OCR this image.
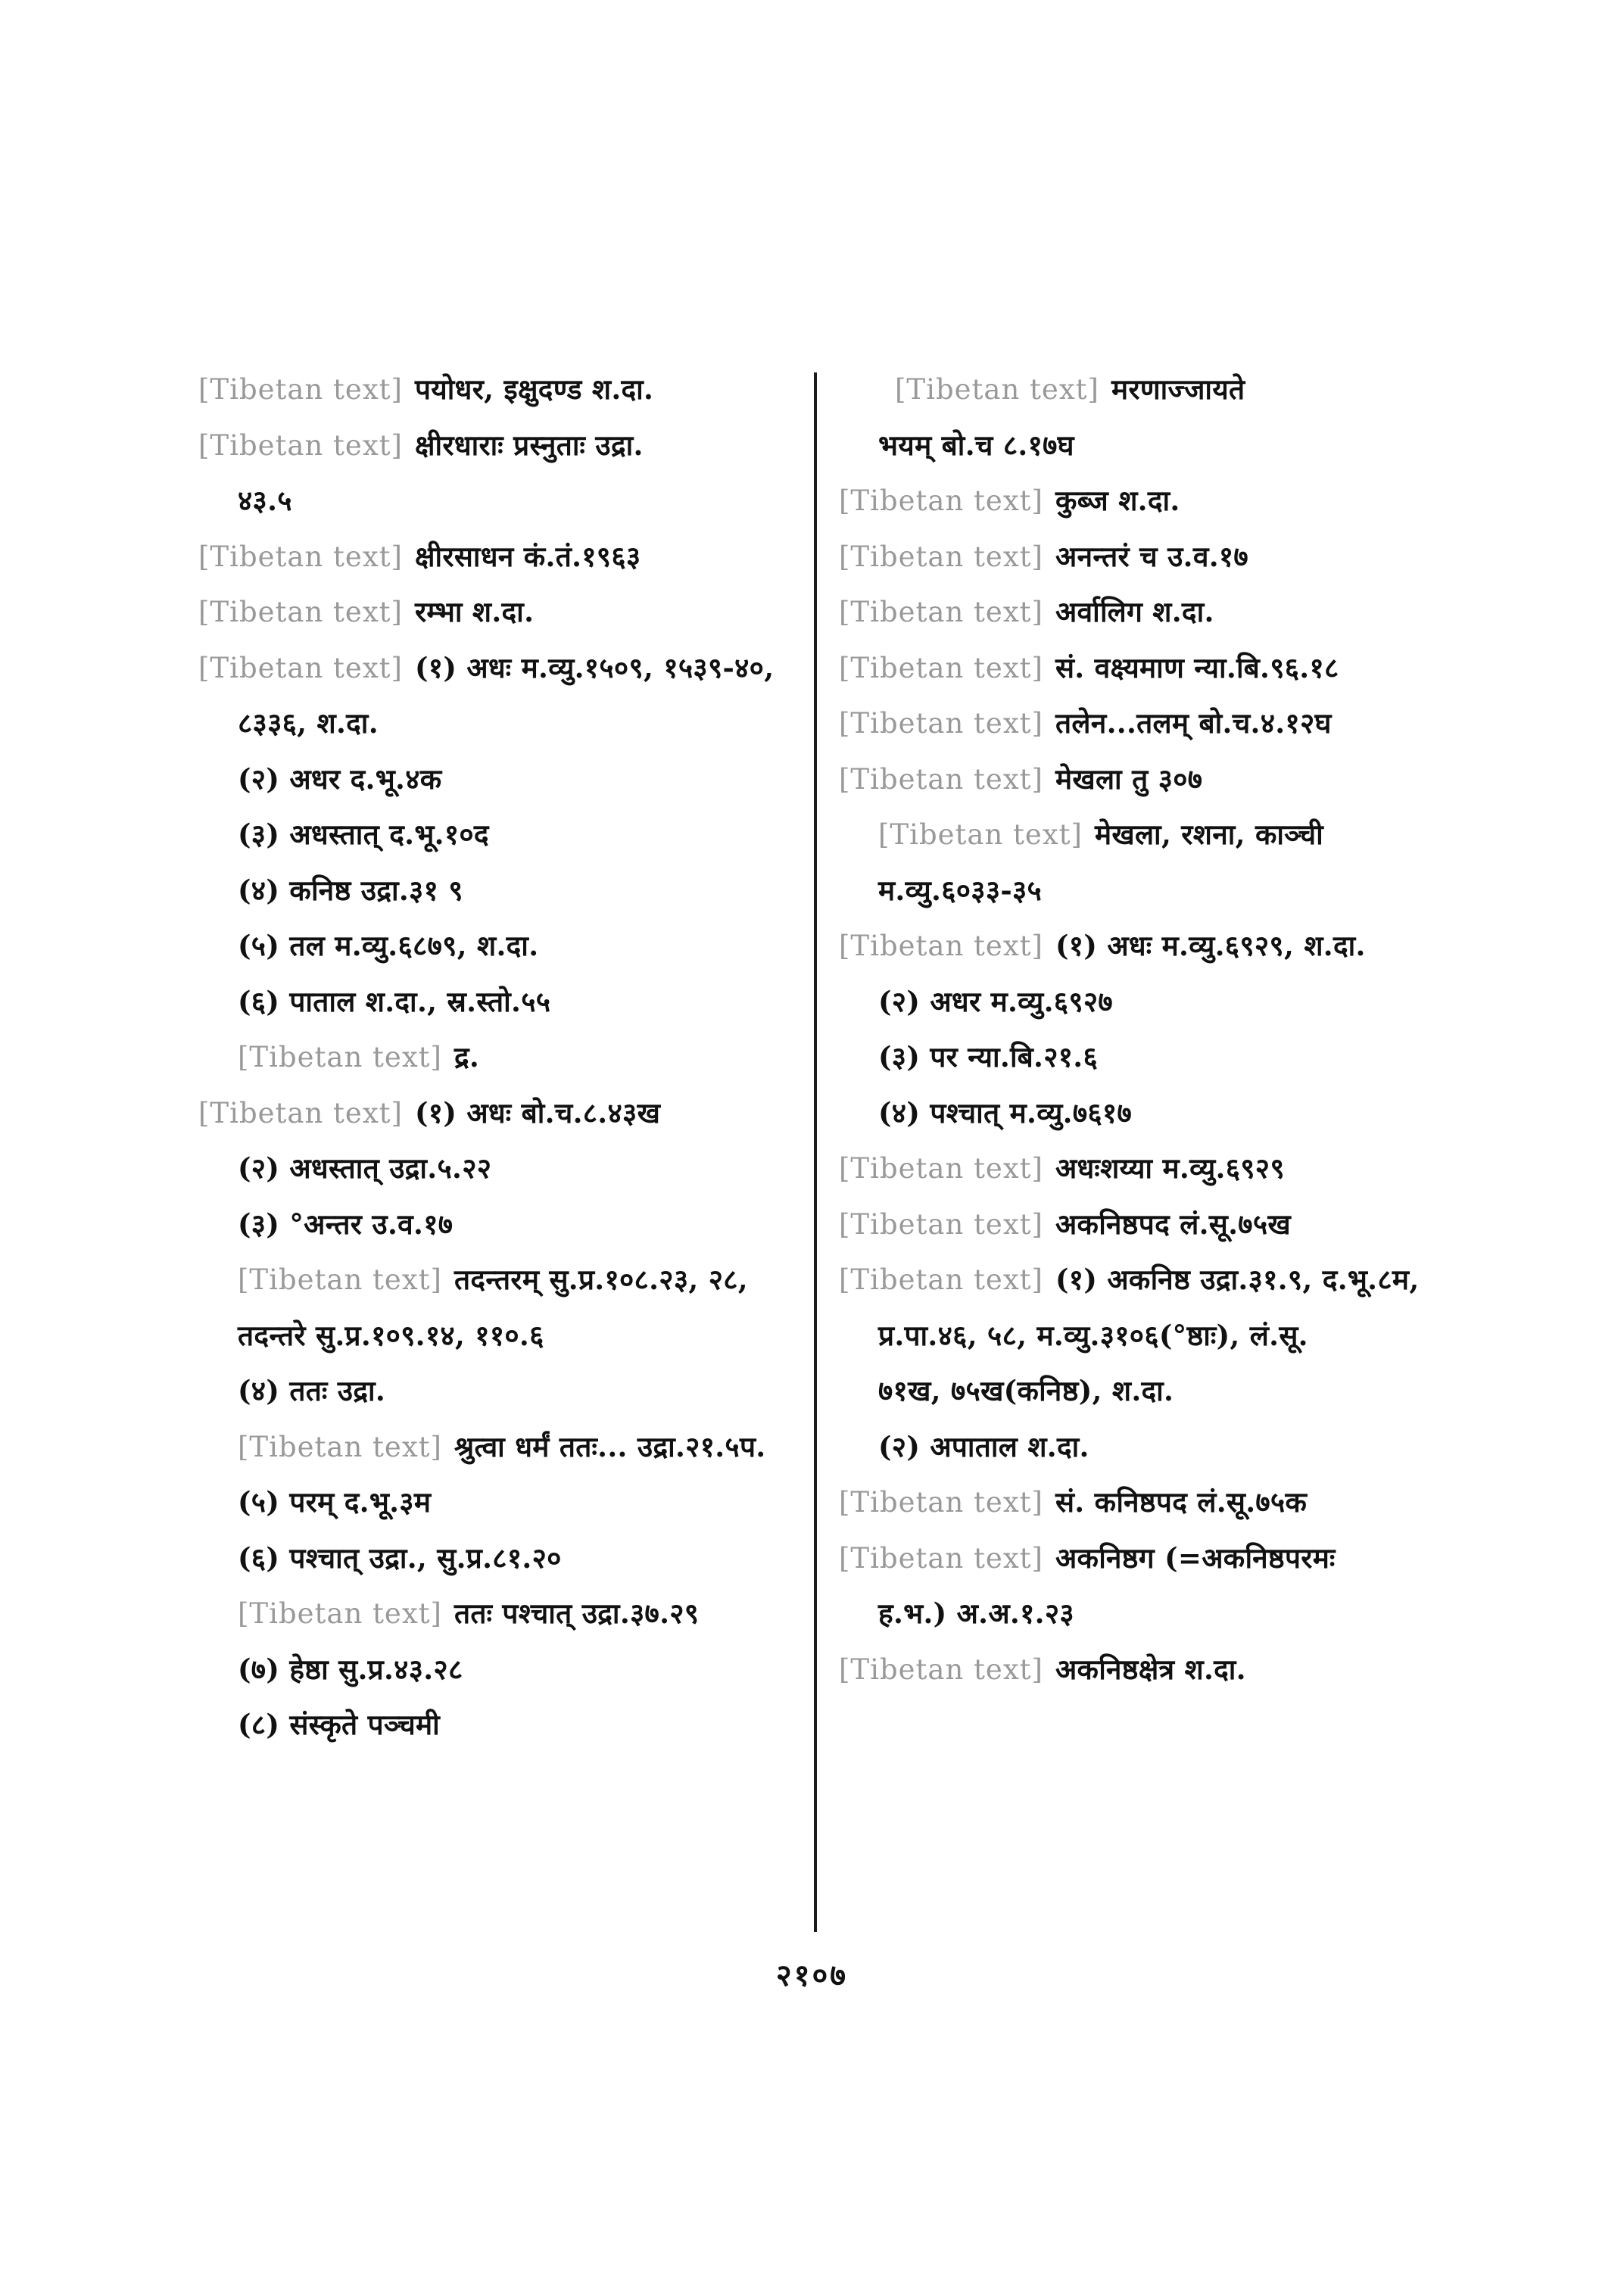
[Tibetan text] पयोधर, इक्षुदण्ड श.दा.
[Tibetan text] क्षीरधाराः प्रस्नुताः उद्रा.
४३.५
[Tibetan text] क्षीरसाधन कं.तं.१९६३
[Tibetan text] रम्भा श.दा.
[Tibetan text] (१) अधः म.व्यु.१५०९, १५३९-४०,
८३३६, श.दा.
(२) अधर द.भू.४क
(३) अधस्तात् द.भू.१०द
(४) कनिष्ठ उद्रा.३१ ९
(५) तल म.व्यु.६८७९, श.दा.
(६) पाताल श.दा., स्र.स्तो.५५
[Tibetan text] द्र.
[Tibetan text] (१) अधः बो.च.८.४३ख
(२) अधस्तात् उद्रा.५.२२
(३) °अन्तर उ.व.१७
[Tibetan text] तदन्तरम् सु.प्र.१०८.२३, २८,
तदन्तरे सु.प्र.१०९.१४, ११०.६
(४) ततः उद्रा.
[Tibetan text] श्रुत्वा धर्मं ततः... उद्रा.२१.५प.
(५) परम् द.भू.३म
(६) पश्चात् उद्रा., सु.प्र.८१.२०
[Tibetan text] ततः पश्चात् उद्रा.३७.२९
(७) हेष्ठा सु.प्र.४३.२८
(८) संस्कृते पञ्चमी
[Tibetan text] मरणाज्जायते
भयम् बो.च ८.१७घ
[Tibetan text] कुब्ज श.दा.
[Tibetan text] अनन्तरं च उ.व.१७
[Tibetan text] अर्वालिग श.दा.
[Tibetan text] सं. वक्ष्यमाण न्या.बि.९६.१८
[Tibetan text] तलेन...तलम् बो.च.४.१२घ
[Tibetan text] मेखला तु ३०७
[Tibetan text] मेखला, रशना, काञ्ची
म.व्यु.६०३३-३५
[Tibetan text] (१) अधः म.व्यु.६९२९, श.दा.
(२) अधर म.व्यु.६९२७
(३) पर न्या.बि.२१.६
(४) पश्चात् म.व्यु.७६१७
[Tibetan text] अधःशय्या म.व्यु.६९२९
[Tibetan text] अकनिष्ठपद लं.सू.७५ख
[Tibetan text] (१) अकनिष्ठ उद्रा.३१.९, द.भू.८म,
प्र.पा.४६, ५८, म.व्यु.३१०६(°ष्ठाः), लं.सू.
७१ख, ७५ख(कनिष्ठ), श.दा.
(२) अपाताल श.दा.
[Tibetan text] सं. कनिष्ठपद लं.सू.७५क
[Tibetan text] अकनिष्ठग (=अकनिष्ठपरमः
ह.भ.) अ.अ.१.२३
[Tibetan text] अकनिष्ठक्षेत्र श.दा.
२१०७
